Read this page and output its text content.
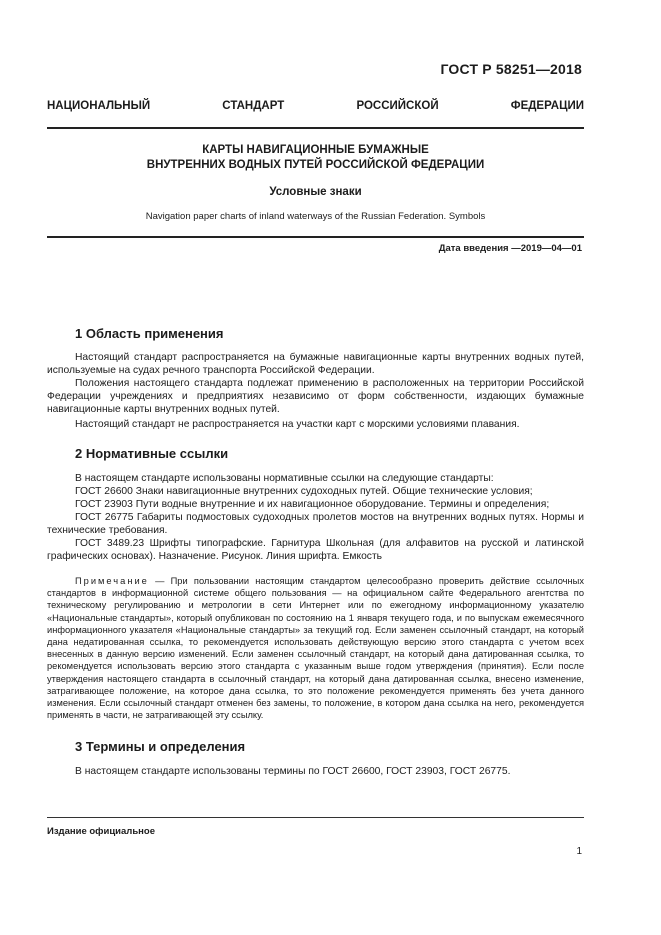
ГОСТ Р 58251—2018
НАЦИОНАЛЬНЫЙ СТАНДАРТ РОССИЙСКОЙ ФЕДЕРАЦИИ
КАРТЫ НАВИГАЦИОННЫЕ БУМАЖНЫЕ
ВНУТРЕННИХ ВОДНЫХ ПУТЕЙ РОССИЙСКОЙ ФЕДЕРАЦИИ
Условные знаки
Navigation paper charts of inland waterways of the Russian Federation. Symbols
Дата введения —2019—04—01
1 Область применения
Настоящий стандарт распространяется на бумажные навигационные карты внутренних водных путей, используемые на судах речного транспорта Российской Федерации.
Положения настоящего стандарта подлежат применению в расположенных на территории Российской Федерации учреждениях и предприятиях независимо от форм собственности, издающих бумажные навигационные карты внутренних водных путей.
Настоящий стандарт не распространяется на участки карт с морскими условиями плавания.
2 Нормативные ссылки
В настоящем стандарте использованы нормативные ссылки на следующие стандарты:
ГОСТ 26600 Знаки навигационные внутренних судоходных путей. Общие технические условия;
ГОСТ 23903 Пути водные внутренние и их навигационное оборудование. Термины и определения;
ГОСТ 26775 Габариты подмостовых судоходных пролетов мостов на внутренних водных путях. Нормы и технические требования.
ГОСТ 3489.23 Шрифты типографские. Гарнитура Школьная (для алфавитов на русской и латинской графических основах). Назначение. Рисунок. Линия шрифта. Емкость
Примечание — При пользовании настоящим стандартом целесообразно проверить действие ссылочных стандартов в информационной системе общего пользования — на официальном сайте Федерального агентства по техническому регулированию и метрологии в сети Интернет или по ежегодному информационному указателю «Национальные стандарты», который опубликован по состоянию на 1 января текущего года, и по выпускам ежемесячного информационного указателя «Национальные стандарты» за текущий год. Если заменен ссылочный стандарт, на который дана недатированная ссылка, то рекомендуется использовать действующую версию этого стандарта с учетом всех внесенных в данную версию изменений. Если заменен ссылочный стандарт, на который дана датированная ссылка, то рекомендуется использовать версию этого стандарта с указанным выше годом утверждения (принятия). Если после утверждения настоящего стандарта в ссылочный стандарт, на который дана датированная ссылка, внесено изменение, затрагивающее положение, на которое дана ссылка, то это положение рекомендуется применять без учета данного изменения. Если ссылочный стандарт отменен без замены, то положение, в котором дана ссылка на него, рекомендуется применять в части, не затрагивающей эту ссылку.
3 Термины и определения
В настоящем стандарте использованы термины по ГОСТ 26600, ГОСТ 23903, ГОСТ 26775.
Издание официальное
1
